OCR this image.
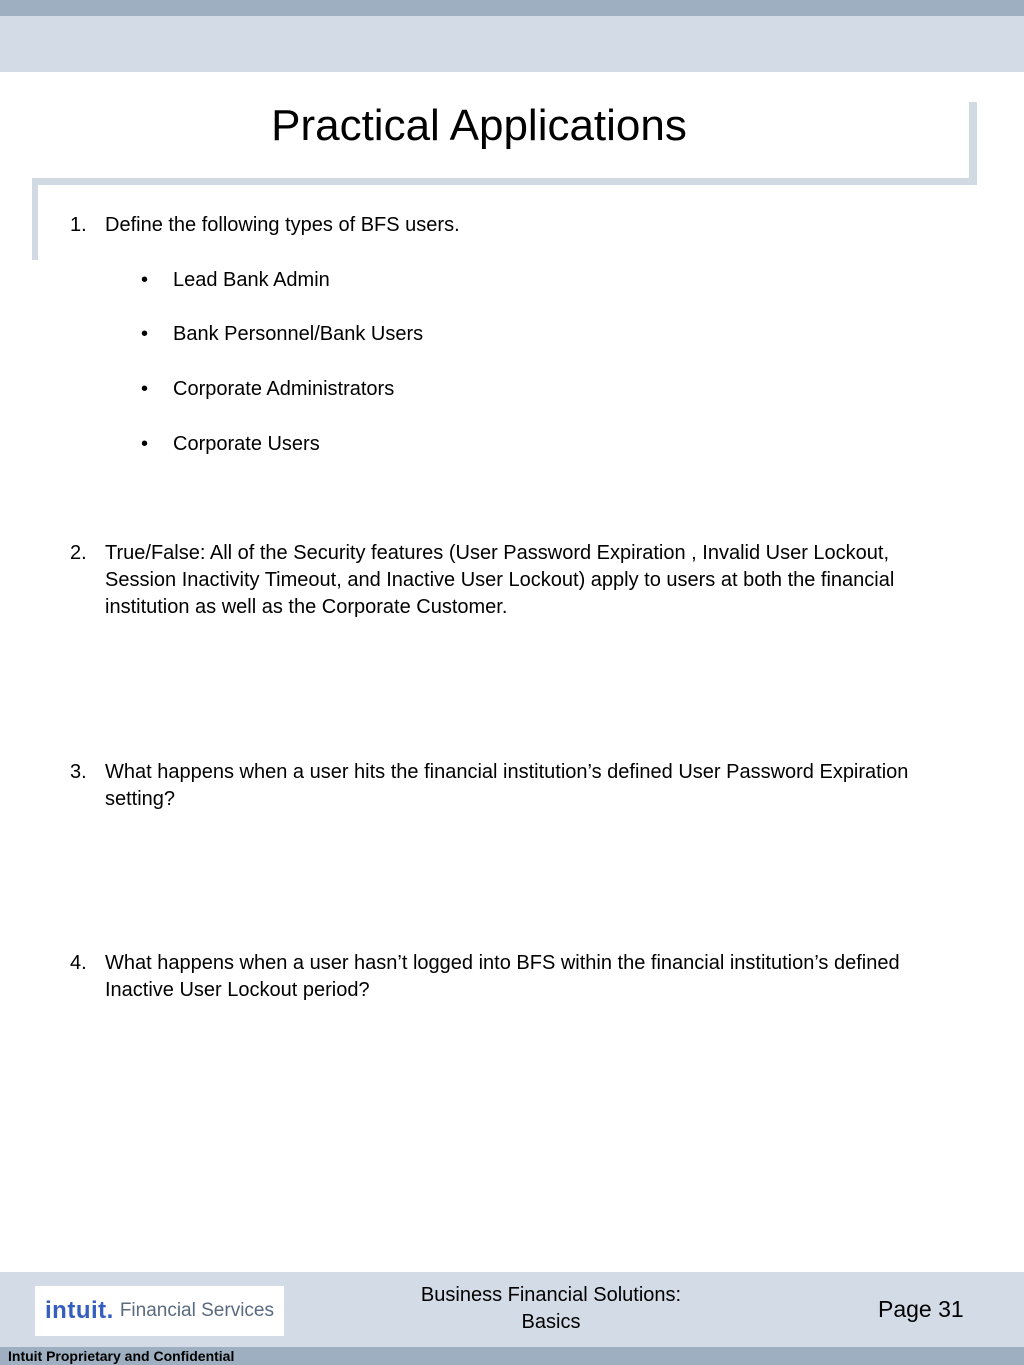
Practical Applications
1. Define the following types of BFS users.
• Lead Bank Admin
• Bank Personnel/Bank Users
• Corporate Administrators
• Corporate Users
2. True/False: All of the Security features (User Password Expiration , Invalid User Lockout, Session Inactivity Timeout, and Inactive User Lockout) apply to users at both the financial institution as well as the Corporate Customer.
3. What happens when a user hits the financial institution’s defined User Password Expiration setting?
4. What happens when a user hasn’t logged into BFS within the financial institution’s defined Inactive User Lockout period?
intuit. Financial Services
Business Financial Solutions:
Basics	Page 31
Intuit Proprietary and Confidential
